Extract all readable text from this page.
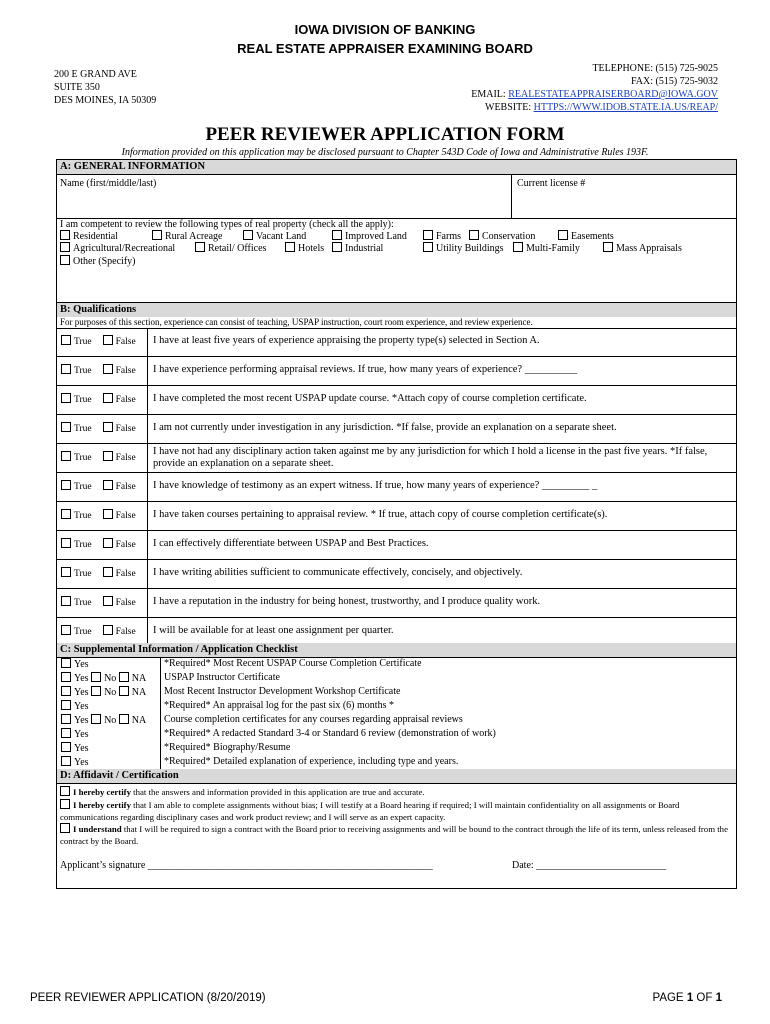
IOWA DIVISION OF BANKING
REAL ESTATE APPRAISER EXAMINING BOARD
200 E GRAND AVE
SUITE 350
DES MOINES, IA 50309
TELEPHONE: (515) 725-9025
FAX: (515) 725-9032
EMAIL: REALESTATEAPPRAISERBOARD@IOWA.GOV
WEBSITE: HTTPS://WWW.IDOB.STATE.IA.US/REAP/
PEER REVIEWER APPLICATION FORM
Information provided on this application may be disclosed pursuant to Chapter 543D Code of Iowa and Administrative Rules 193F.
A: GENERAL INFORMATION
Name (first/middle/last)	Current license #
I am competent to review the following types of real property (check all the apply):
Residential	Rural Acreage	Vacant Land	Improved Land	Farms	Conservation	Easements
Agricultural/Recreational	Retail/ Offices	Hotels	Industrial	Utility Buildings	Multi-Family	Mass Appraisals
Other (Specify)
B: Qualifications
For purposes of this section, experience can consist of teaching, USPAP instruction, court room experience, and review experience.
True	False I have at least five years of experience appraising the property type(s) selected in Section A.
True	False I have experience performing appraisal reviews. If true, how many years of experience? __________
True	False I have completed the most recent USPAP update course. *Attach copy of course completion certificate.
True	False I am not currently under investigation in any jurisdiction. *If false, provide an explanation on a separate sheet.
True	False
I have not had any disciplinary action taken against me by any jurisdiction for which I hold a license in the past five years. *If false, provide an explanation on a separate sheet.
True	False I have knowledge of testimony as an expert witness. If true, how many years of experience? _________ _
True	False I have taken courses pertaining to appraisal review. * If true, attach copy of course completion certificate(s).
True	False I can effectively differentiate between USPAP and Best Practices.
True	False I have writing abilities sufficient to communicate effectively, concisely, and objectively.
True	False I have a reputation in the industry for being honest, trustworthy, and I produce quality work.
True	False I will be available for at least one assignment per quarter.
C: Supplemental Information / Application Checklist
Yes	*Required* Most Recent USPAP Course Completion Certificate
Yes No NA USPAP Instructor Certificate
Yes No NA Most Recent Instructor Development Workshop Certificate
Yes	*Required* An appraisal log for the past six (6) months *
Yes No NA Course completion certificates for any courses regarding appraisal reviews
Yes	*Required* A redacted Standard 3-4 or Standard 6 review (demonstration of work)
Yes	*Required* Biography/Resume
Yes	*Required* Detailed explanation of experience, including type and years.
D: Affidavit / Certification
I hereby certify that the answers and information provided in this application are true and accurate.
I hereby certify that I am able to complete assignments without bias; I will testify at a Board hearing if required; I will maintain confidentiality on all assignments or Board communications regarding disciplinary cases and work product review; and I will serve as an expert capacity.
I understand that I will be required to sign a contract with the Board prior to receiving assignments and will be bound to the contract through the life of its term, unless released from the contract by the Board.
Applicant’s signature _________________________________________________________	Date: __________________________
PEER REVIEWER APPLICATION (8/20/2019)	PAGE 1 OF 1
